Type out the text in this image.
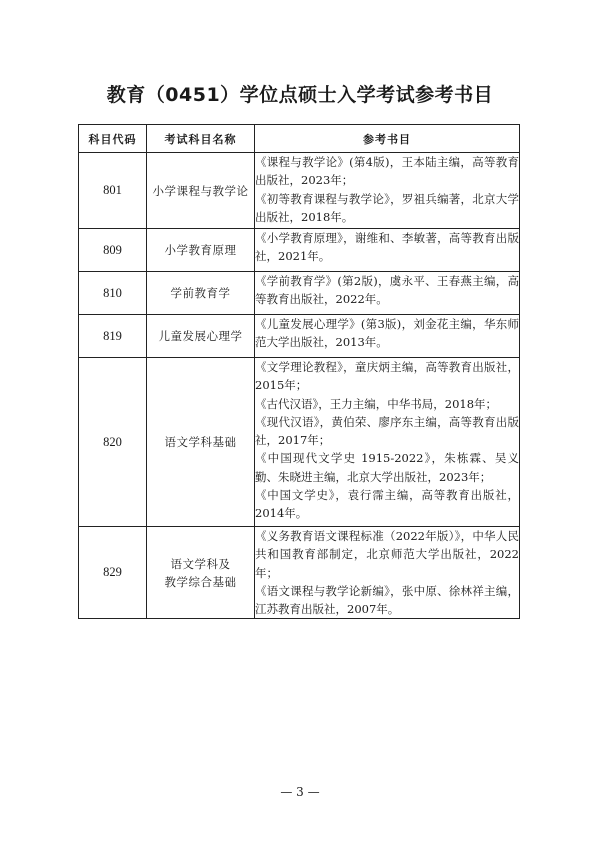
教育（0451）学位点硕士入学考试参考书目
科目代码	考试科目名称	参考书目
801	小学课程与教学论	《课程与教学论》(第4版)，王本陆主编，高等教育出版社，2023年；
《初等教育课程与教学论》，罗祖兵编著，北京大学出版社，2018年。

809	小学教育原理	《小学教育原理》，谢维和、李敏著，高等教育出版社，2021年。

810	学前教育学	《学前教育学》(第2版)，虞永平、王春燕主编，高等教育出版社，2022年。

819	儿童发展心理学	《儿童发展心理学》(第3版)，刘金花主编，华东师范大学出版社，2013年。

820	语文学科基础	《文学理论教程》，童庆炳主编，高等教育出版社，2015年；
《古代汉语》，王力主编，中华书局，2018年；
《现代汉语》，黄伯荣、廖序东主编，高等教育出版社，2017年；
《中国现代文学史 1915-2022》，朱栋霖、吴义勤、朱晓进主编，北京大学出版社，2023年；
《中国文学史》，袁行霈主编，高等教育出版社，2014年。

829	语文学科及
教学综合基础	《义务教育语文课程标准（2022年版）》，中华人民共和国教育部制定，北京师范大学出版社，2022年；
《语文课程与教学论新编》，张中原、徐林祥主编，江苏教育出版社，2007年。
— 3 —
